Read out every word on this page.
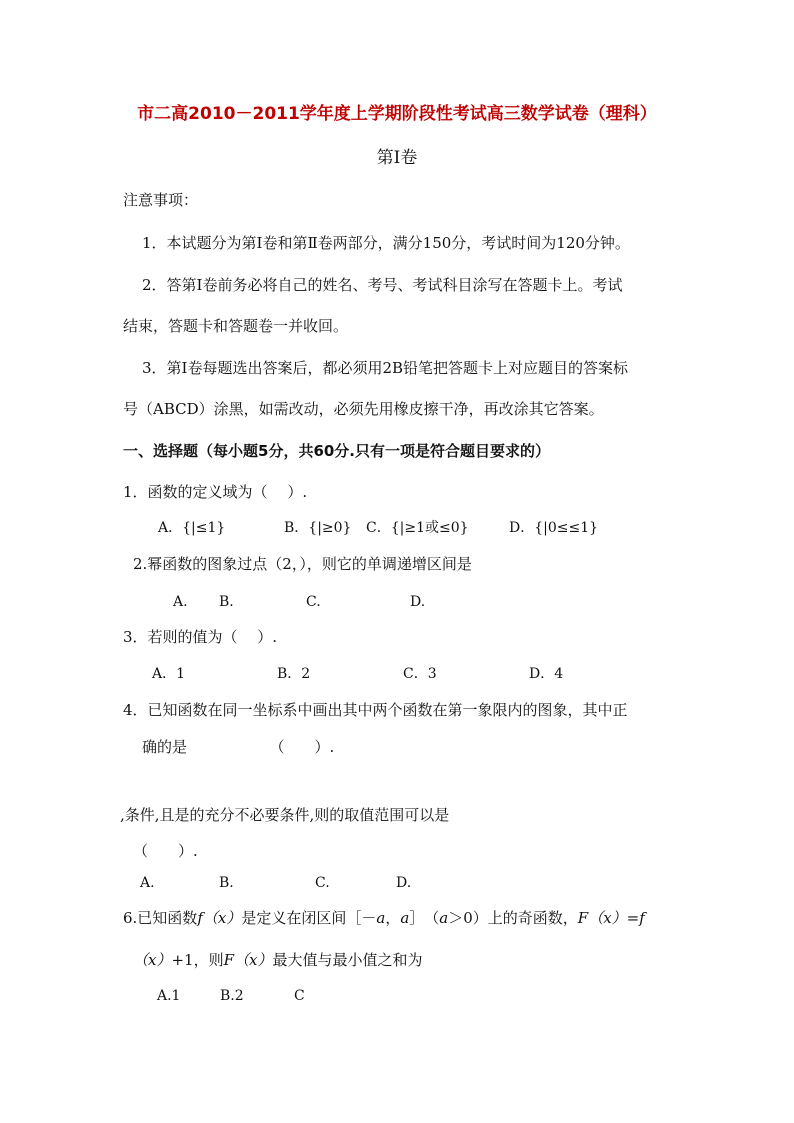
市二高2010－2011学年度上学期阶段性考试高三数学试卷（理科）
第Ⅰ卷
注意事项：
1．本试题分为第Ⅰ卷和第Ⅱ卷两部分，满分150分，考试时间为120分钟。
2．答第Ⅰ卷前务必将自己的姓名、考号、考试科目涂写在答题卡上。考试
结束，答题卡和答题卷一并收回。
3．第Ⅰ卷每题选出答案后，都必须用2B铅笔把答题卡上对应题目的答案标
号（ABCD）涂黑，如需改动，必须先用橡皮擦干净，再改涂其它答案。
一、选择题（每小题5分，共60分.只有一项是符合题目要求的）
1．函数的定义域为（　 ）.
A．{|≤1}	B．{|≥0} C．{|≥1或≤0}	D．{|0≤≤1}
2.幂函数的图象过点（2，），则它的单调递增区间是
A. B.	C.	D.
3．若则的值为（　 ）.
A．1	B．2	C．3	D．4
4．已知函数在同一坐标系中画出其中两个函数在第一象限内的图象，其中正
确的是　　　　　　（　　）.
,条件,且是的充分不必要条件,则的取值范围可以是
（　　）.
A.	B.	C.	D.
6.已知函数f（x）是定义在闭区间［－a，a］　（a＞0）上的奇函数，F（x）=f
（x）+1，则F（x）最大值与最小值之和为
A.1	B.2	C
